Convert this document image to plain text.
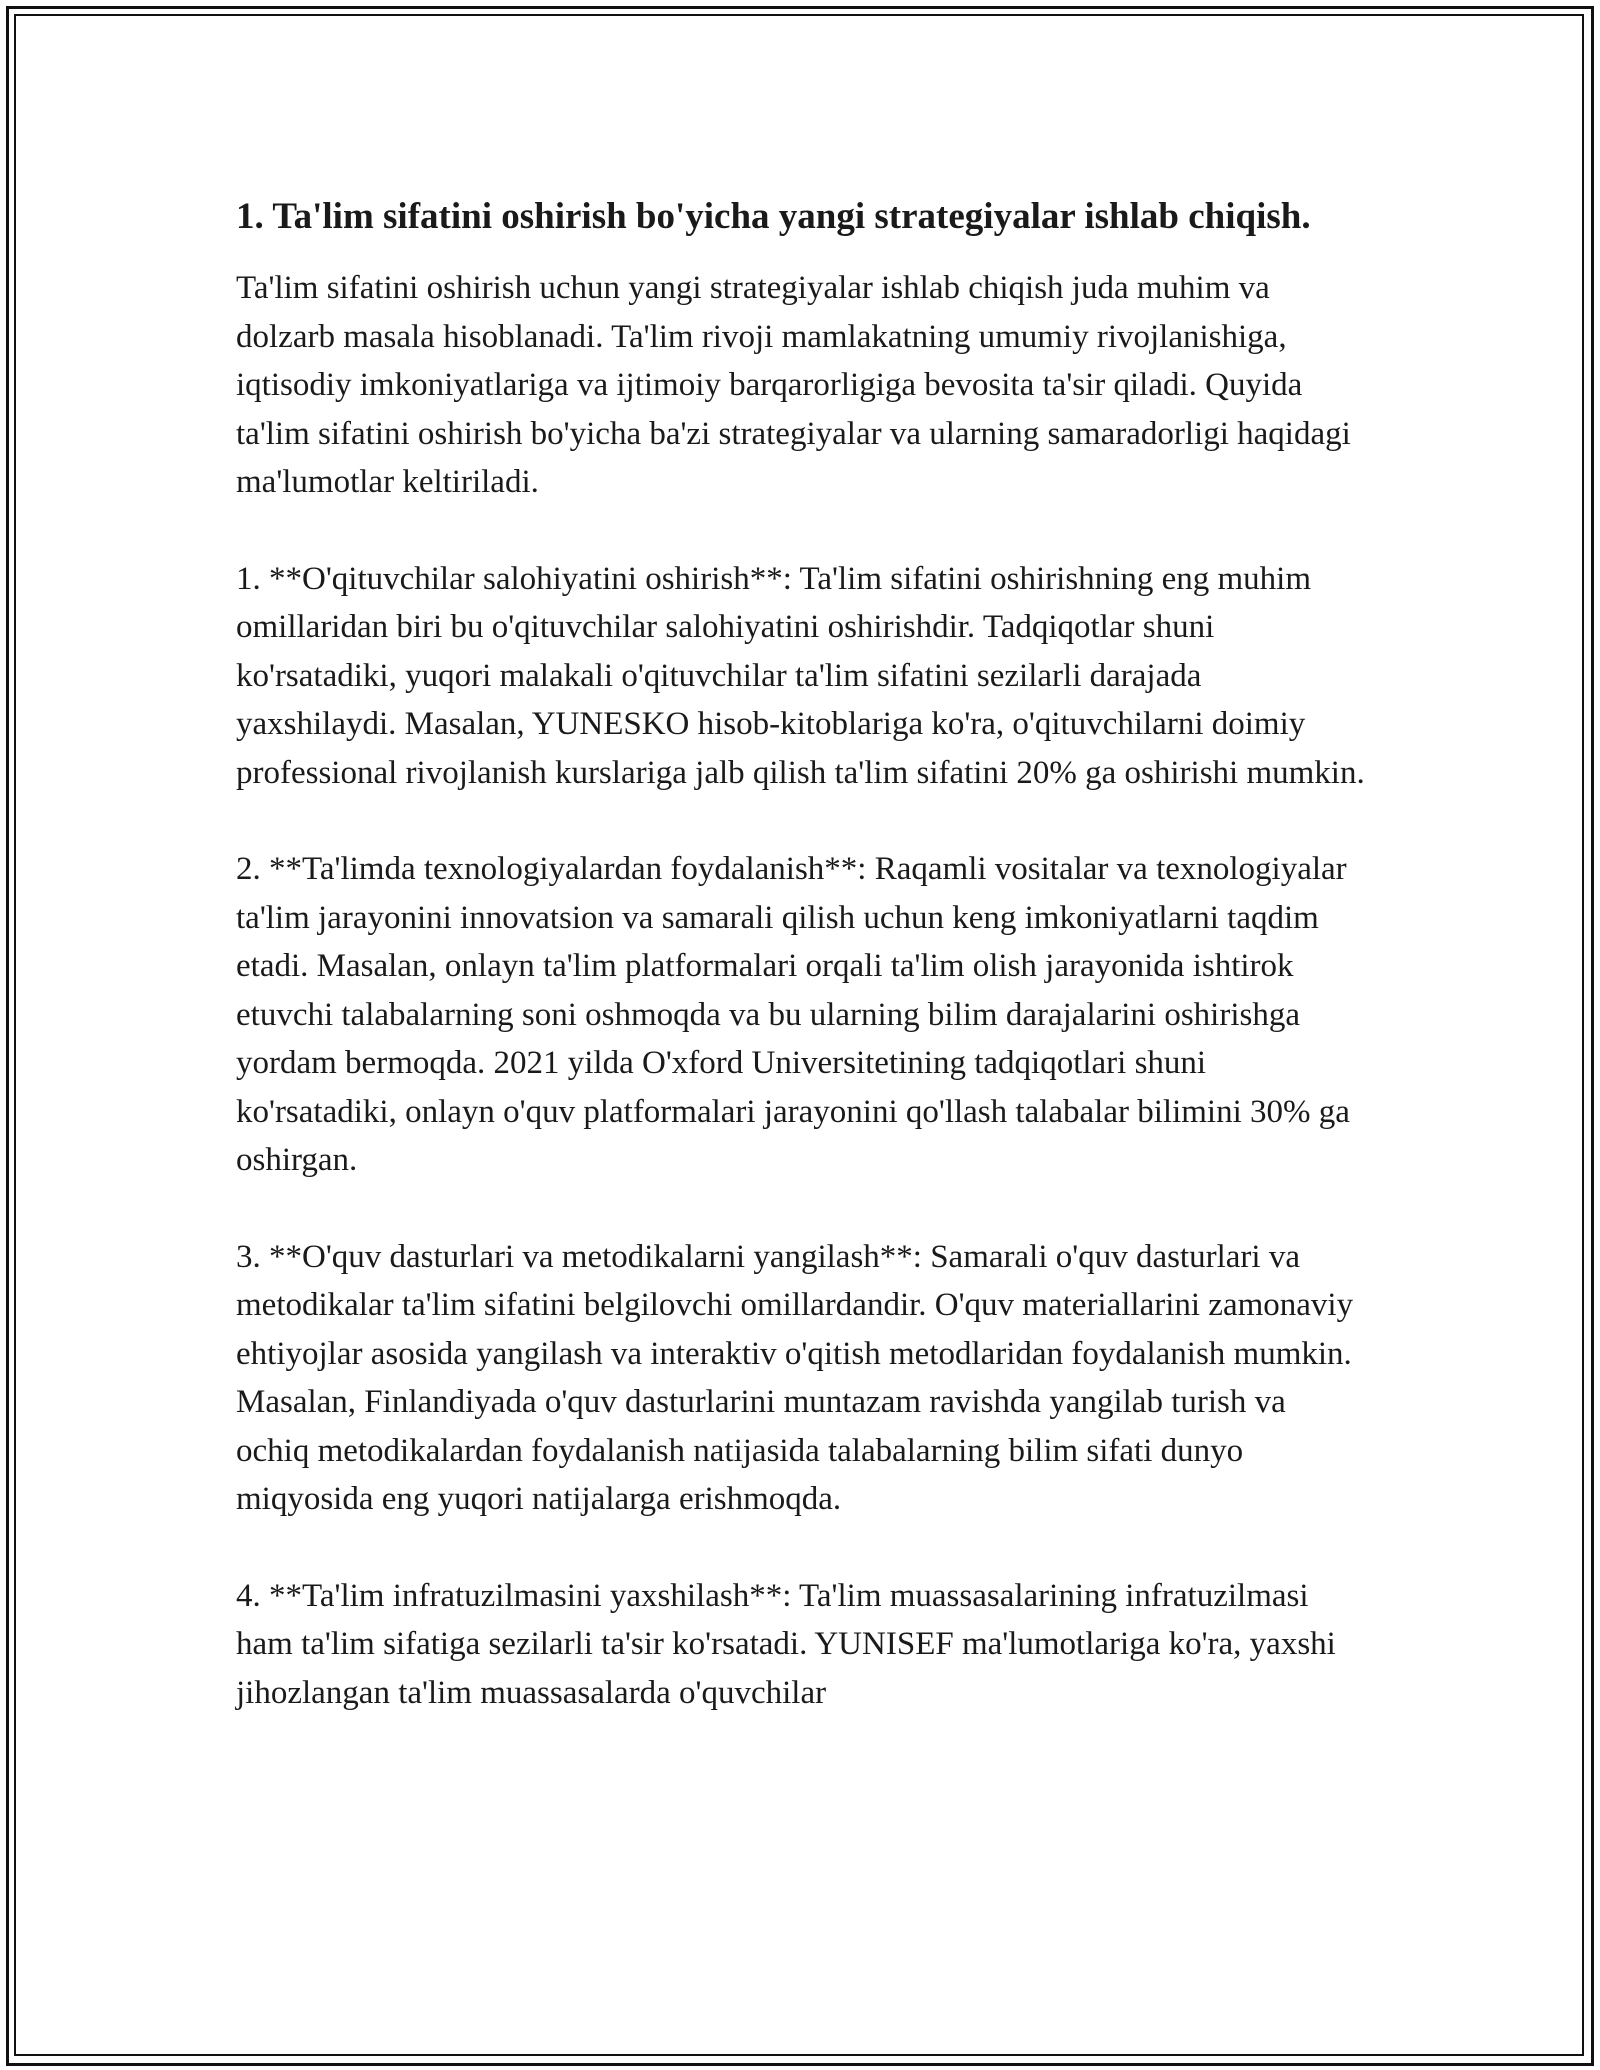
1. Ta'lim sifatini oshirish bo'yicha yangi strategiyalar ishlab chiqish.

Ta'lim sifatini oshirish uchun yangi strategiyalar ishlab chiqish juda muhim va dolzarb masala hisoblanadi. Ta'lim rivoji mamlakatning umumiy rivojlanishiga, iqtisodiy imkoniyatlariga va ijtimoiy barqarorligiga bevosita ta'sir qiladi. Quyida ta'lim sifatini oshirish bo'yicha ba'zi strategiyalar va ularning samaradorligi haqidagi ma'lumotlar keltiriladi.

1. **O'qituvchilar salohiyatini oshirish**: Ta'lim sifatini oshirishning eng muhim omillaridan biri bu o'qituvchilar salohiyatini oshirishdir. Tadqiqotlar shuni ko'rsatadiki, yuqori malakali o'qituvchilar ta'lim sifatini sezilarli darajada yaxshilaydi. Masalan, YUNESKO hisob-kitoblariga ko'ra, o'qituvchilarni doimiy professional rivojlanish kurslariga jalb qilish ta'lim sifatini 20% ga oshirishi mumkin.

2. **Ta'limda texnologiyalardan foydalanish**: Raqamli vositalar va texnologiyalar ta'lim jarayonini innovatsion va samarali qilish uchun keng imkoniyatlarni taqdim etadi. Masalan, onlayn ta'lim platformalari orqali ta'lim olish jarayonida ishtirok etuvchi talabalarning soni oshmoqda va bu ularning bilim darajalarini oshirishga yordam bermoqda. 2021 yilda O'xford Universitetining tadqiqotlari shuni ko'rsatadiki, onlayn o'quv platformalari jarayonini qo'llash talabalar bilimini 30% ga oshirgan.

3. **O'quv dasturlari va metodikalarni yangilash**: Samarali o'quv dasturlari va metodikalar ta'lim sifatini belgilovchi omillardandir. O'quv materiallarini zamonaviy ehtiyojlar asosida yangilash va interaktiv o'qitish metodlaridan foydalanish mumkin. Masalan, Finlandiyada o'quv dasturlarini muntazam ravishda yangilab turish va ochiq metodikalardan foydalanish natijasida talabalarning bilim sifati dunyo miqyosida eng yuqori natijalarga erishmoqda.

4. **Ta'lim infratuzilmasini yaxshilash**: Ta'lim muassasalarining infratuzilmasi ham ta'lim sifatiga sezilarli ta'sir ko'rsatadi. YUNISEF ma'lumotlariga ko'ra, yaxshi jihozlangan ta'lim muassasalarda o'quvchilar
